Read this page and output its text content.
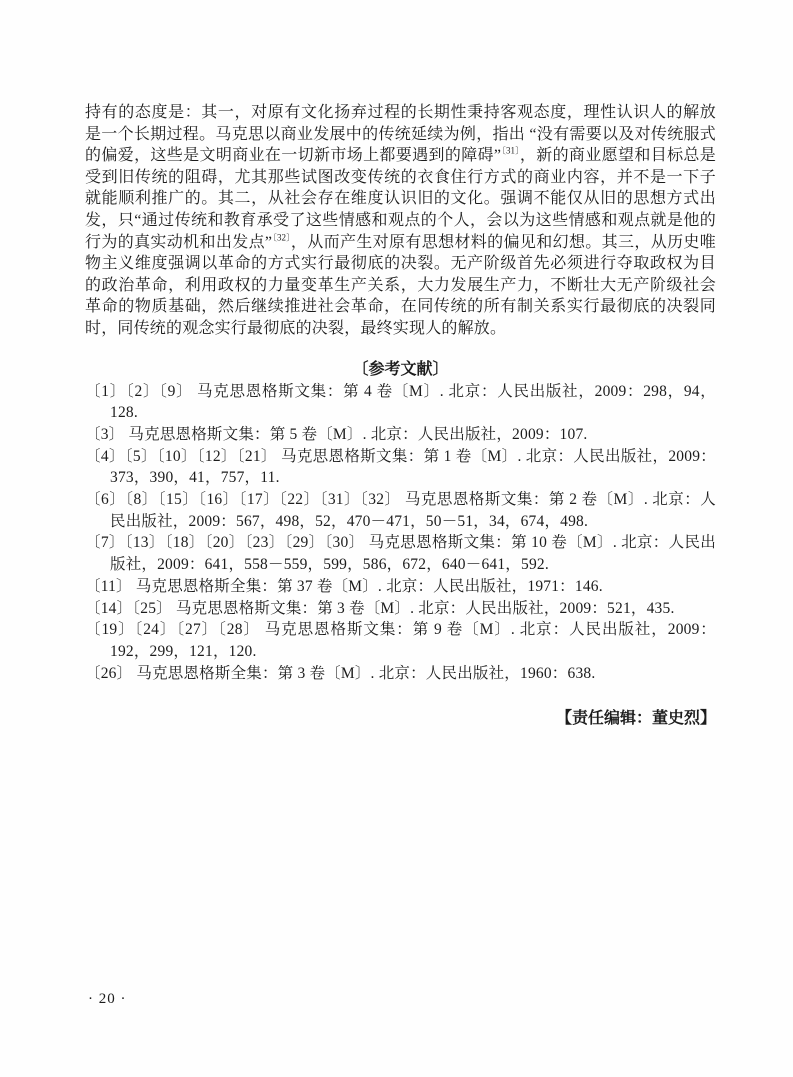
持有的态度是：其一，对原有文化扬弃过程的长期性秉持客观态度，理性认识人的解放是一个长期过程。马克思以商业发展中的传统延续为例，指出 “没有需要以及对传统服式的偏爱，这些是文明商业在一切新市场上都要遇到的障碍”$^{〔31〕}$，新的商业愿望和目标总是受到旧传统的阻碍，尤其那些试图改变传统的衣食住行方式的商业内容，并不是一下子就能顺利推广的。其二，从社会存在维度认识旧的文化。强调不能仅从旧的思想方式出发，只“通过传统和教育承受了这些情感和观点的个人，会以为这些情感和观点就是他的行为的真实动机和出发点”$^{〔32〕}$，从而产生对原有思想材料的偏见和幻想。其三，从历史唯物主义维度强调以革命的方式实行最彻底的决裂。无产阶级首先必须进行夺取政权为目的政治革命，利用政权的力量变革生产关系，大力发展生产力，不断壮大无产阶级社会革命的物质基础，然后继续推进社会革命，在同传统的所有制关系实行最彻底的决裂同时，同传统的观念实行最彻底的决裂，最终实现人的解放。

〔参考文献〕

〔1〕〔2〕〔9〕 马克思恩格斯文集：第 4 卷〔M〕. 北京：人民出版社，2009：298，94，128.

〔3〕 马克思恩格斯文集：第 5 卷〔M〕. 北京：人民出版社，2009：107.

〔4〕〔5〕〔10〕〔12〕〔21〕 马克思恩格斯文集：第 1 卷〔M〕. 北京：人民出版社，2009：373，390，41，757，11.

〔6〕〔8〕〔15〕〔16〕〔17〕〔22〕〔31〕〔32〕 马克思恩格斯文集：第 2 卷〔M〕. 北京：人民出版社，2009：567，498，52，470－471，50－51，34，674，498.

〔7〕〔13〕〔18〕〔20〕〔23〕〔29〕〔30〕 马克思恩格斯文集：第 10 卷〔M〕. 北京：人民出版社，2009：641，558－559，599，586，672，640－641，592.

〔11〕 马克思恩格斯全集：第 37 卷〔M〕. 北京：人民出版社，1971：146.

〔14〕〔25〕 马克思恩格斯文集：第 3 卷〔M〕. 北京：人民出版社，2009：521，435.

〔19〕〔24〕〔27〕〔28〕 马克思恩格斯文集：第 9 卷〔M〕. 北京：人民出版社，2009：192，299，121，120.

〔26〕 马克思恩格斯全集：第 3 卷〔M〕. 北京：人民出版社，1960：638.

【责任编辑：董史烈】
· 20 ·
